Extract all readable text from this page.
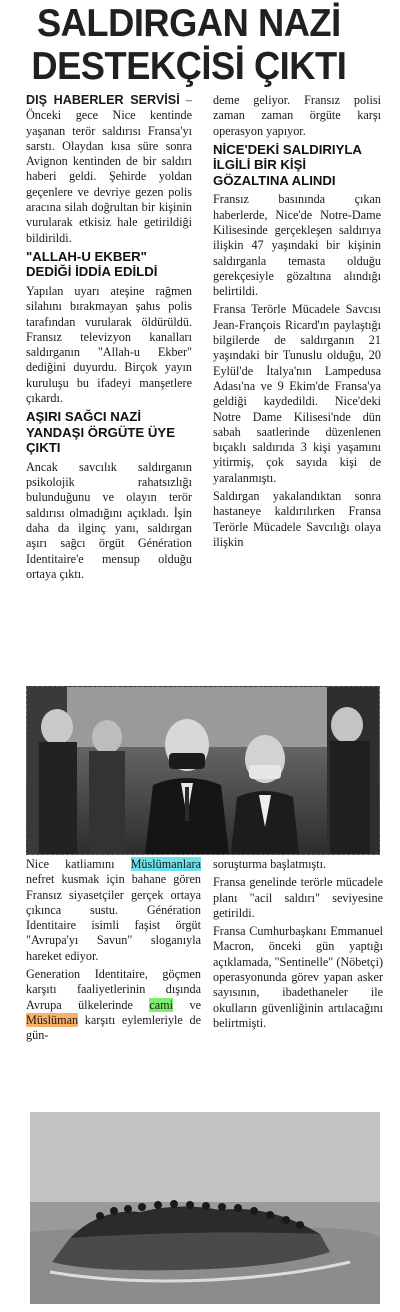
SALDIRGAN NAZİ
DESTEKÇİSİ ÇIKTI

DIŞ HABERLER SERVİSİ – Önceki gece Nice kentinde yaşanan terör saldırısı Fransa'yı sarstı. Olaydan kısa süre sonra Avignon kentinden de bir saldırı haberi geldi. Şehirde yoldan geçenlere ve devriye gezen polis aracına silah doğrultan bir kişinin vurularak etkisiz hale getirildiği bildirildi.

"ALLAH-U EKBER" DEDİĞİ İDDİA EDİLDİ

Yapılan uyarı ateşine rağmen silahını bırakmayan şahıs polis tarafından vurularak öldürüldü. Fransız televizyon kanalları saldırganın "Allah-u Ekber" dediğini duyurdu. Birçok yayın kuruluşu bu ifadeyi manşetlere çıkardı.

AŞIRI SAĞCI NAZİ YANDAŞI ÖRGÜTE ÜYE ÇIKTI

Ancak savcılık saldırganın psikolojik rahatsızlığı bulunduğunu ve olayın terör saldırısı olmadığını açıkladı. İşin daha da ilginç yanı, saldırgan aşırı sağcı örgüt Génération Identitaire'e mensup olduğu ortaya çıktı.

deme geliyor. Fransız polisi zaman zaman örgüte karşı operasyon yapıyor.

NİCE'DEKİ SALDIRIYLA İLGİLİ BİR KİŞİ GÖZALTINA ALINDI

Fransız basınında çıkan haberlerde, Nice'de Notre-Dame Kilisesinde gerçekleşen saldırıya ilişkin 47 yaşındaki bir kişinin saldırganla temasta olduğu gerekçesiyle gözaltına alındığı belirtildi.

Fransa Terörle Mücadele Savcısı Jean-François Ricard'ın paylaştığı bilgilerde de saldırganın 21 yaşındaki bir Tunuslu olduğu, 20 Eylül'de İtalya'nın Lampedusa Adası'na ve 9 Ekim'de Fransa'ya geldiği kaydedildi. Nice'deki Notre Dame Kilisesi'nde dün sabah saatlerinde düzenlenen bıçaklı saldırıda 3 kişi yaşamını yitirmiş, çok sayıda kişi de yaralanmıştı.

Saldırgan yakalandıktan sonra hastaneye kaldırılırken Fransa Terörle Mücadele Savcılığı olaya ilişkin

Nice katliamını Müslümanlara nefret kusmak için bahane gören Fransız siyasetçiler gerçek ortaya çıkınca sustu. Génération Identitaire isimli faşist örgüt "Avrupa'yı Savun" sloganıyla hareket ediyor.

Generation Identitaire, göçmen karşıtı faaliyetlerinin dışında Avrupa ülkelerinde cami ve Müslüman karşıtı eylemleriyle de gün-

soruşturma başlatmıştı.

Fransa genelinde terörle mücadele planı "acil saldırı" seviyesine getirildi.

Fransa Cumhurbaşkanı Emmanuel Macron, önceki gün yaptığı açıklamada, "Sentinelle" (Nöbetçi) operasyonunda görev yapan asker sayısının, ibadethaneler ile okulların güvenliğinin artılacağını belirtmişti.
